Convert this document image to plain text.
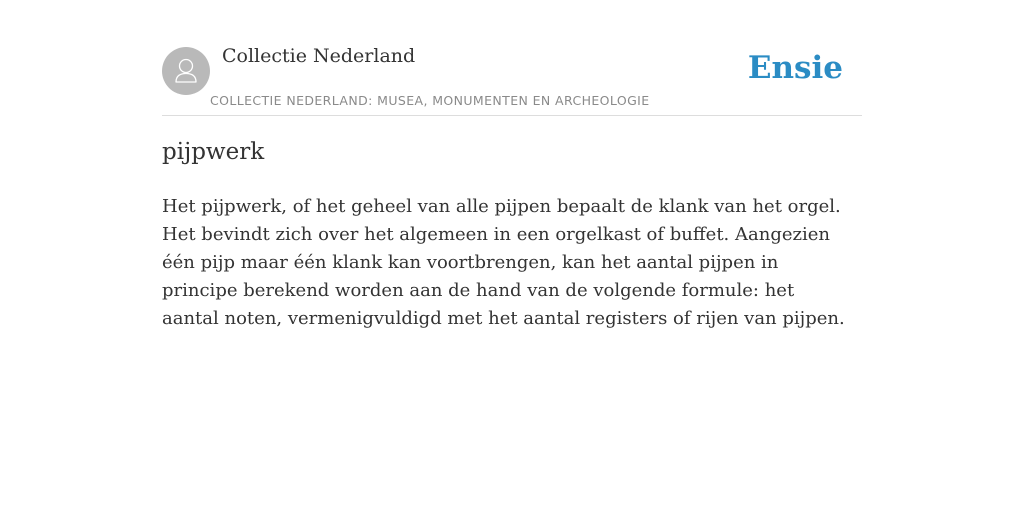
Collectie Nederland
COLLECTIE NEDERLAND: MUSEA, MONUMENTEN EN ARCHEOLOGIE
Ensie
pijpwerk

Het pijpwerk, of het geheel van alle pijpen bepaalt de klank van het orgel. Het bevindt zich over het algemeen in een orgelkast of buffet. Aangezien één pijp maar één klank kan voortbrengen, kan het aantal pijpen in principe berekend worden aan de hand van de volgende formule: het aantal noten, vermenigvuldigd met het aantal registers of rijen van pijpen.
